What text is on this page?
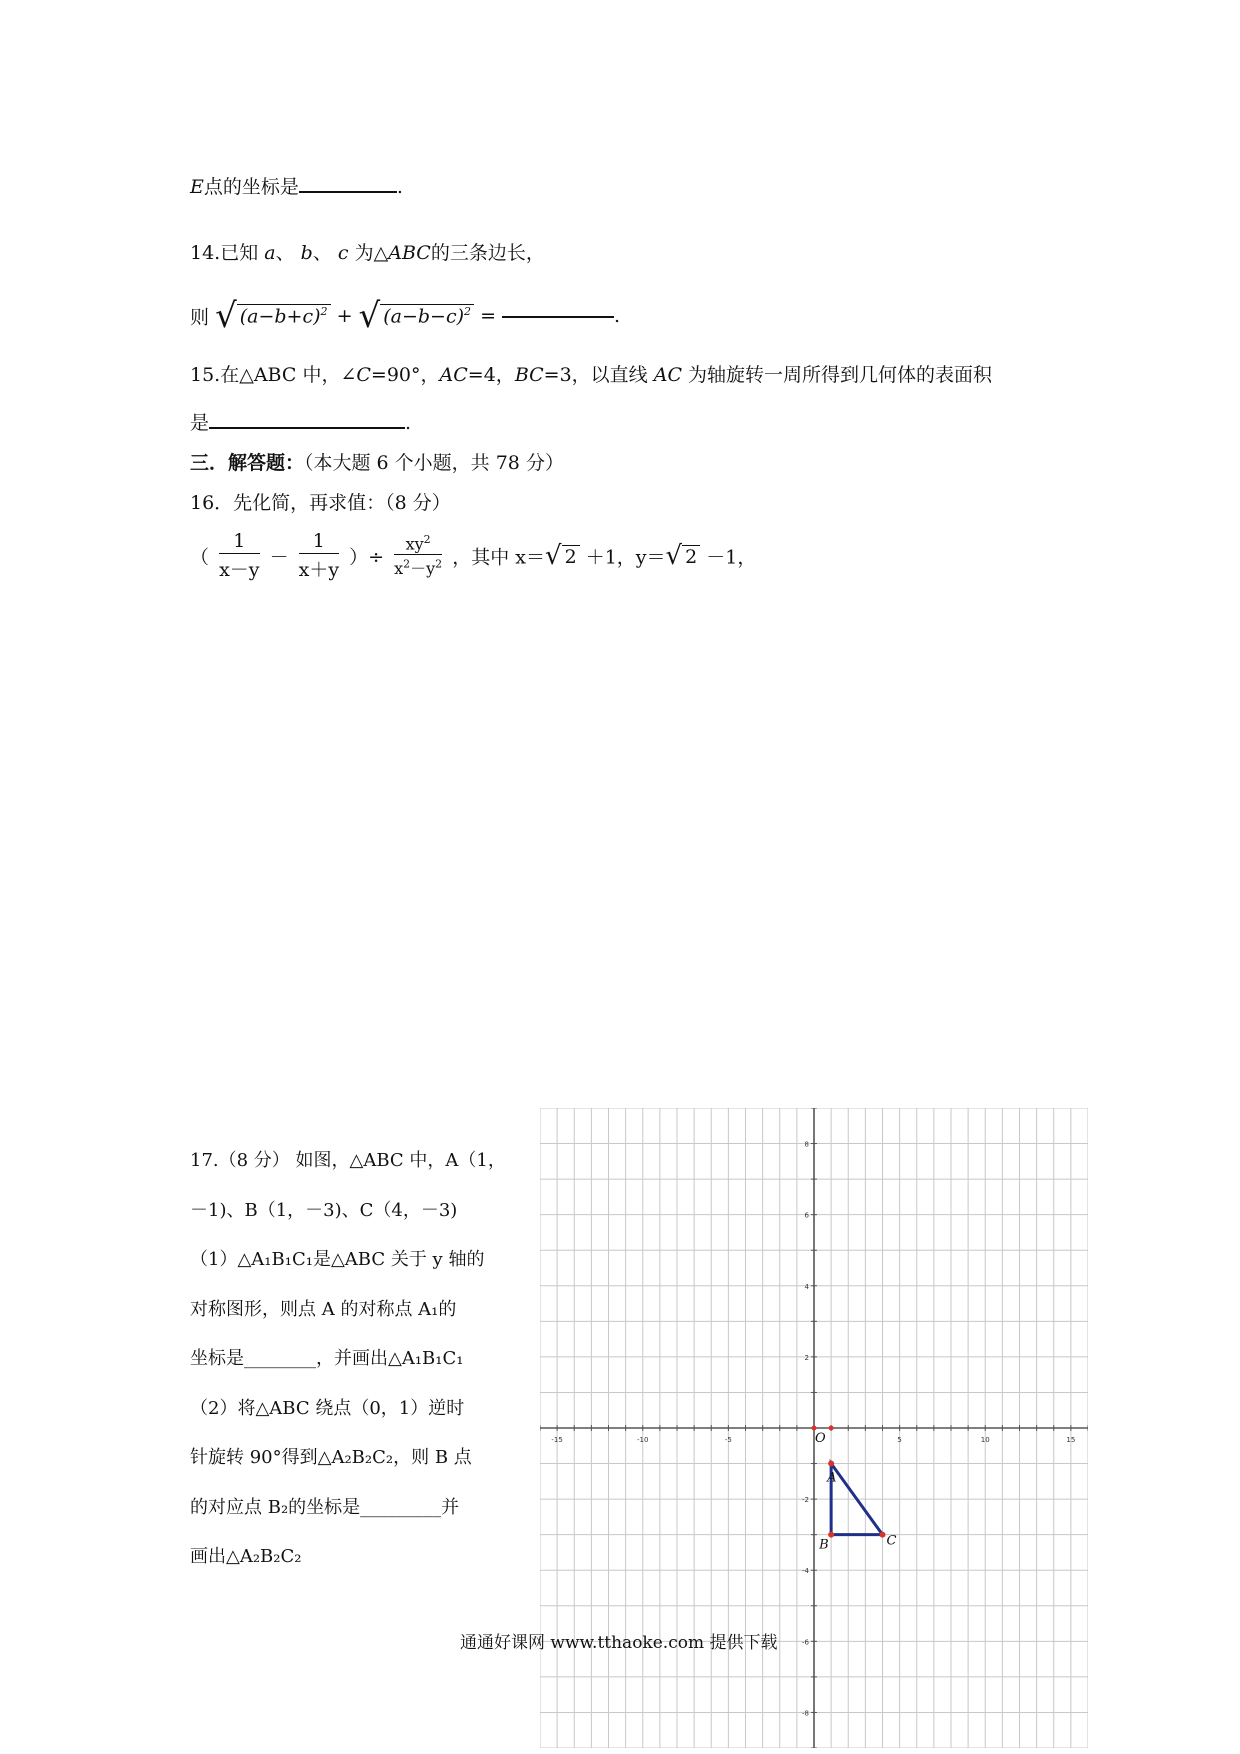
E点的坐标是	.
14.已知 a、 b、 c 为△ABC的三条边长，
则 √ $(a-b+c)^2$ + √ $(a-b-c)^2$ =	.
15.在△ABC 中，∠C=90°，AC=4，BC=3，以直线 AC 为轴旋转一周所得到几何体的表面积
是	.
三．解答题：（本大题 6 个小题，共 78 分）
16．先化简，再求值：（8 分）
（ $\frac{1}{x-y} - \frac{1}{x+y}$ ）÷ $\frac{xy^2}{x^2-y^2}$ ，其中 x＝√ 2 ＋1，y＝√ 2 －1，
17.（8 分） 如图，△ABC 中，A（1，
－1)、B（1，－3)、C（4，－3)
（1）△A₁B₁C₁是△ABC 关于 y 轴的
对称图形，则点 A 的对称点 A₁的
坐标是________，并画出△A₁B₁C₁
（2）将△ABC 绕点（0，1）逆时
针旋转 90°得到△A₂B₂C₂，则 B 点
的对应点 B₂的坐标是_________并
画出△A₂B₂C₂
-15	-10	-5	5	10	15
8
6
4
2
-2
-4
-6
-8
O
A
B	C
通通好课网 www.tthaoke.com 提供下载
